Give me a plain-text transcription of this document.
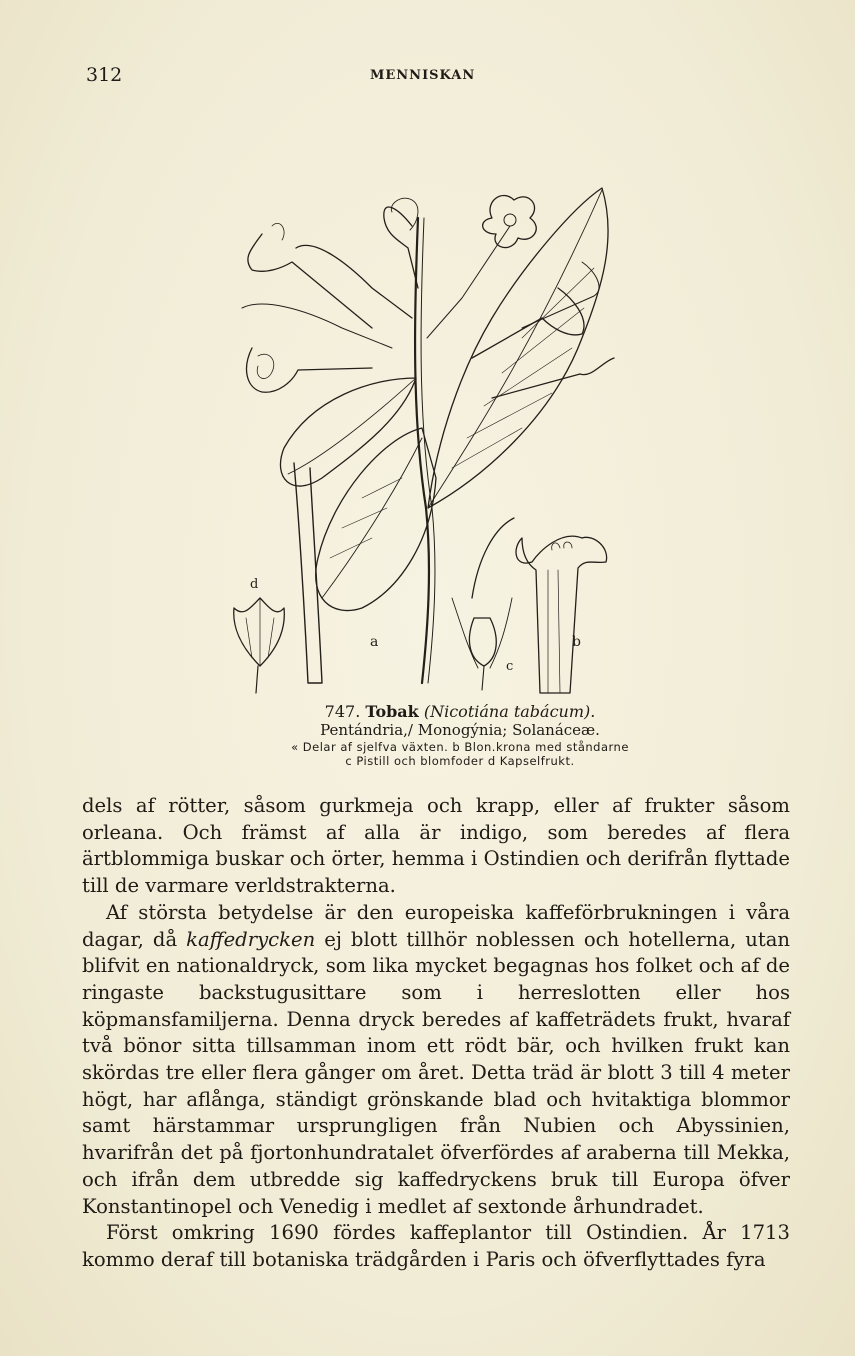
312	MENNISKAN
d
a
c
b
747. Tobak (Nicotiána tabácum).
Pentándria,/ Monogýnia; Solanáceæ.
« Delar af sjelfva växten. b Blon.krona med ståndarne
c Pistill och blomfoder d Kapselfrukt.

dels af rötter, såsom gurkmeja och krapp, eller af frukter såsom orleana. Och främst af alla är indigo, som beredes af flera ärtblommiga buskar och örter, hemma i Ostindien och derifrån flyttade till de varmare verldstrakterna.

Af största betydelse är den europeiska kaffeförbrukningen i våra dagar, då kaffedrycken ej blott tillhör noblessen och hotellerna, utan blifvit en nationaldryck, som lika mycket begagnas hos folket och af de ringaste backstugusittare som i herreslotten eller hos köpmansfamiljerna. Denna dryck beredes af kaffeträdets frukt, hvaraf två bönor sitta tillsamman inom ett rödt bär, och hvilken frukt kan skördas tre eller flera gånger om året. Detta träd är blott 3 till 4 meter högt, har aflånga, ständigt grönskande blad och hvitaktiga blommor samt härstammar ursprungligen från Nubien och Abyssinien, hvarifrån det på fjortonhundratalet öfverfördes af araberna till Mekka, och ifrån dem utbredde sig kaffedryckens bruk till Europa öfver Konstantinopel och Venedig i medlet af sextonde århundradet.

Först omkring 1690 fördes kaffeplantor till Ostindien. År 1713 kommo deraf till botaniska trädgården i Paris och öfverflyttades fyra
